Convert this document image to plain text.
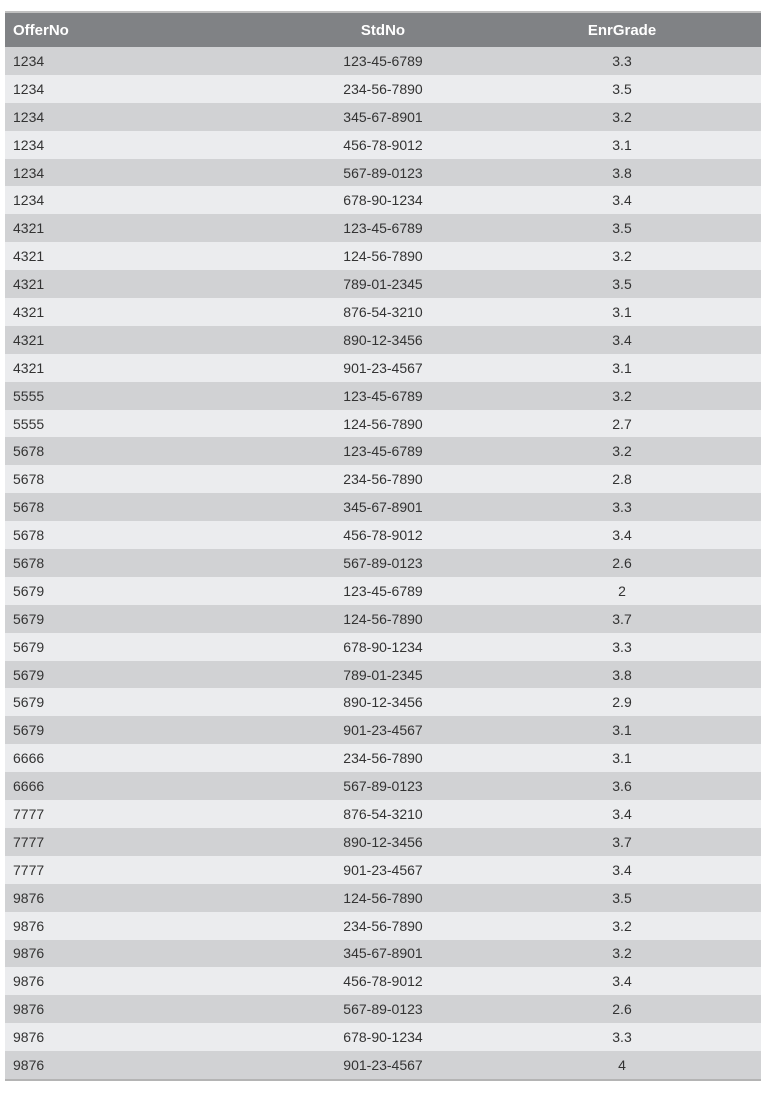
OfferNo	StdNo	EnrGrade
1234	123-45-6789	3.3
1234	234-56-7890	3.5
1234	345-67-8901	3.2
1234	456-78-9012	3.1
1234	567-89-0123	3.8
1234	678-90-1234	3.4
4321	123-45-6789	3.5
4321	124-56-7890	3.2
4321	789-01-2345	3.5
4321	876-54-3210	3.1
4321	890-12-3456	3.4
4321	901-23-4567	3.1
5555	123-45-6789	3.2
5555	124-56-7890	2.7
5678	123-45-6789	3.2
5678	234-56-7890	2.8
5678	345-67-8901	3.3
5678	456-78-9012	3.4
5678	567-89-0123	2.6
5679	123-45-6789	2
5679	124-56-7890	3.7
5679	678-90-1234	3.3
5679	789-01-2345	3.8
5679	890-12-3456	2.9
5679	901-23-4567	3.1
6666	234-56-7890	3.1
6666	567-89-0123	3.6
7777	876-54-3210	3.4
7777	890-12-3456	3.7
7777	901-23-4567	3.4
9876	124-56-7890	3.5
9876	234-56-7890	3.2
9876	345-67-8901	3.2
9876	456-78-9012	3.4
9876	567-89-0123	2.6
9876	678-90-1234	3.3
9876	901-23-4567	4
